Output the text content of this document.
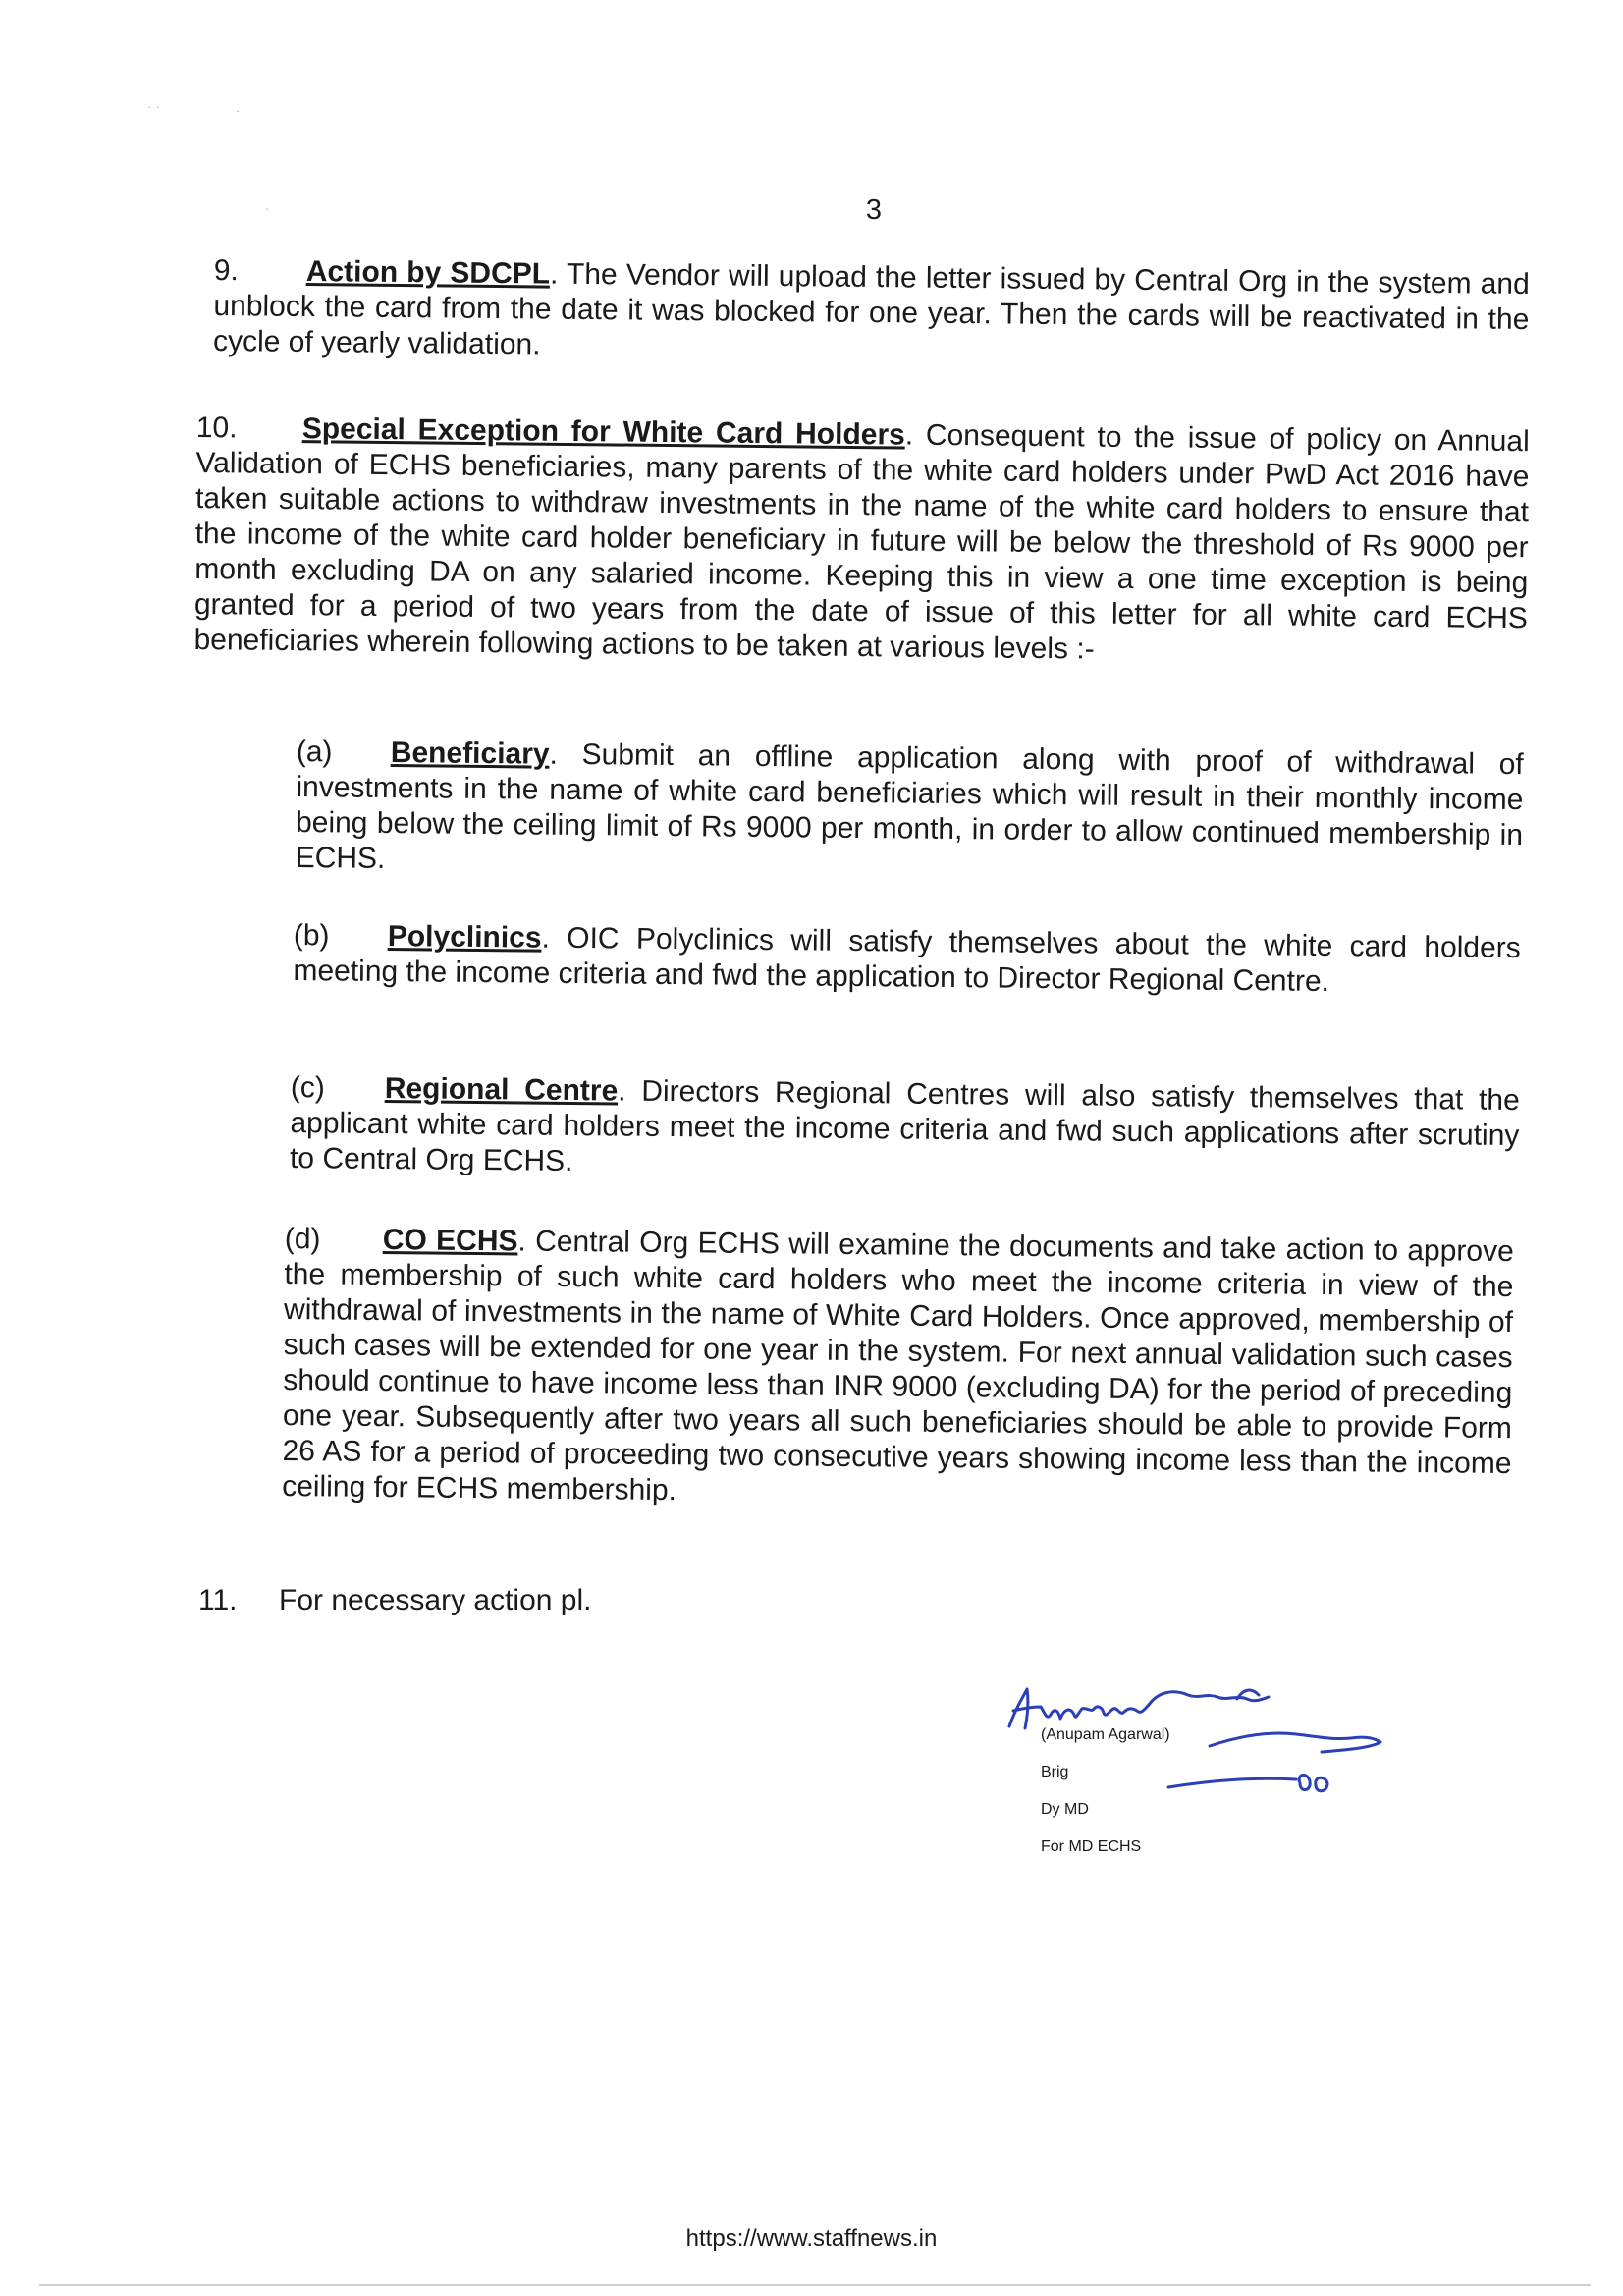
· ·	·
·	3
9. Action by SDCPL. The Vendor will upload the letter issued by Central Org in the system and unblock the card from the date it was blocked for one year. Then the cards will be reactivated in the cycle of yearly validation.
10. Special Exception for White Card Holders. Consequent to the issue of policy on Annual Validation of ECHS beneficiaries, many parents of the white card holders under PwD Act 2016 have taken suitable actions to withdraw investments in the name of the white card holders to ensure that the income of the white card holder beneficiary in future will be below the threshold of Rs 9000 per month excluding DA on any salaried income. Keeping this in view a one time exception is being granted for a period of two years from the date of issue of this letter for all white card ECHS beneficiaries wherein following actions to be taken at various levels :-
(a) Beneficiary. Submit an offline application along with proof of withdrawal of investments in the name of white card beneficiaries which will result in their monthly income being below the ceiling limit of Rs 9000 per month, in order to allow continued membership in ECHS.
(b) Polyclinics. OIC Polyclinics will satisfy themselves about the white card holders meeting the income criteria and fwd the application to Director Regional Centre.
(c) Regional Centre. Directors Regional Centres will also satisfy themselves that the applicant white card holders meet the income criteria and fwd such applications after scrutiny to Central Org ECHS.
(d) CO ECHS. Central Org ECHS will examine the documents and take action to approve the membership of such white card holders who meet the income criteria in view of the withdrawal of investments in the name of White Card Holders. Once approved, membership of such cases will be extended for one year in the system. For next annual validation such cases should continue to have income less than INR 9000 (excluding DA) for the period of preceding one year. Subsequently after two years all such beneficiaries should be able to provide Form 26 AS for a period of proceeding two consecutive years showing income less than the income ceiling for ECHS membership.
11. For necessary action pl.
(Anupam Agarwal)
Brig
Dy MD
For MD ECHS
https://www.staffnews.in
